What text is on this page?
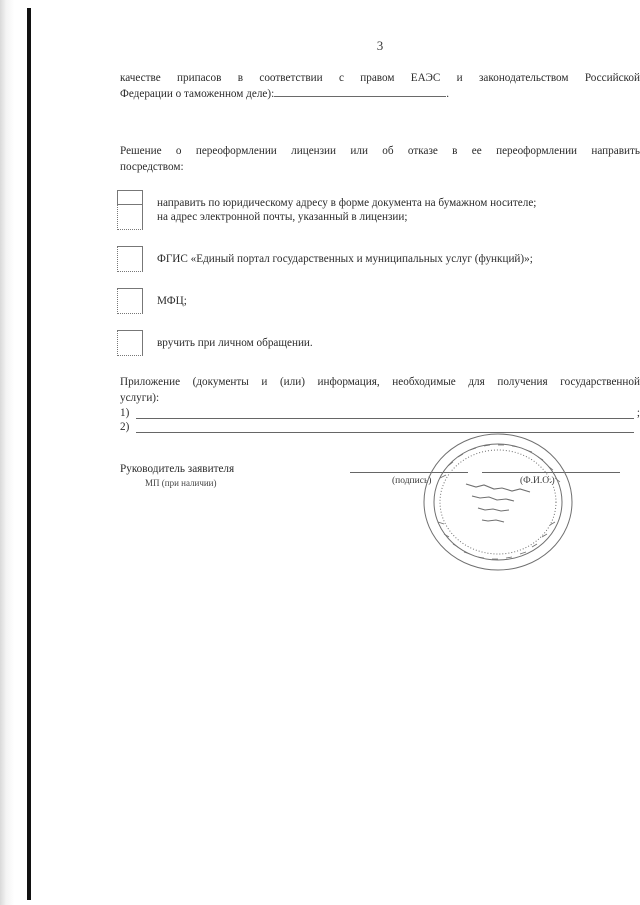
3

качестве припасов в соответствии с правом ЕАЭС и законодательством Российской

Федерации о таможенном деле):	.

Решение о переоформлении лицензии или об отказе в ее переоформлении направить

посредством:

направить по юридическому адресу в форме документа на бумажном носителе;
на адрес электронной почты, указанный в лицензии;
ФГИС «Единый портал государственных и муниципальных услуг (функций)»;
МФЦ;
вручить при личном обращении.

Приложение (документы и (или) информация, необходимые для получения государственной

услуги):

1)	;
2)
Руководитель заявителя
МП (при наличии)	(подпись)	(Ф.И.О.)
